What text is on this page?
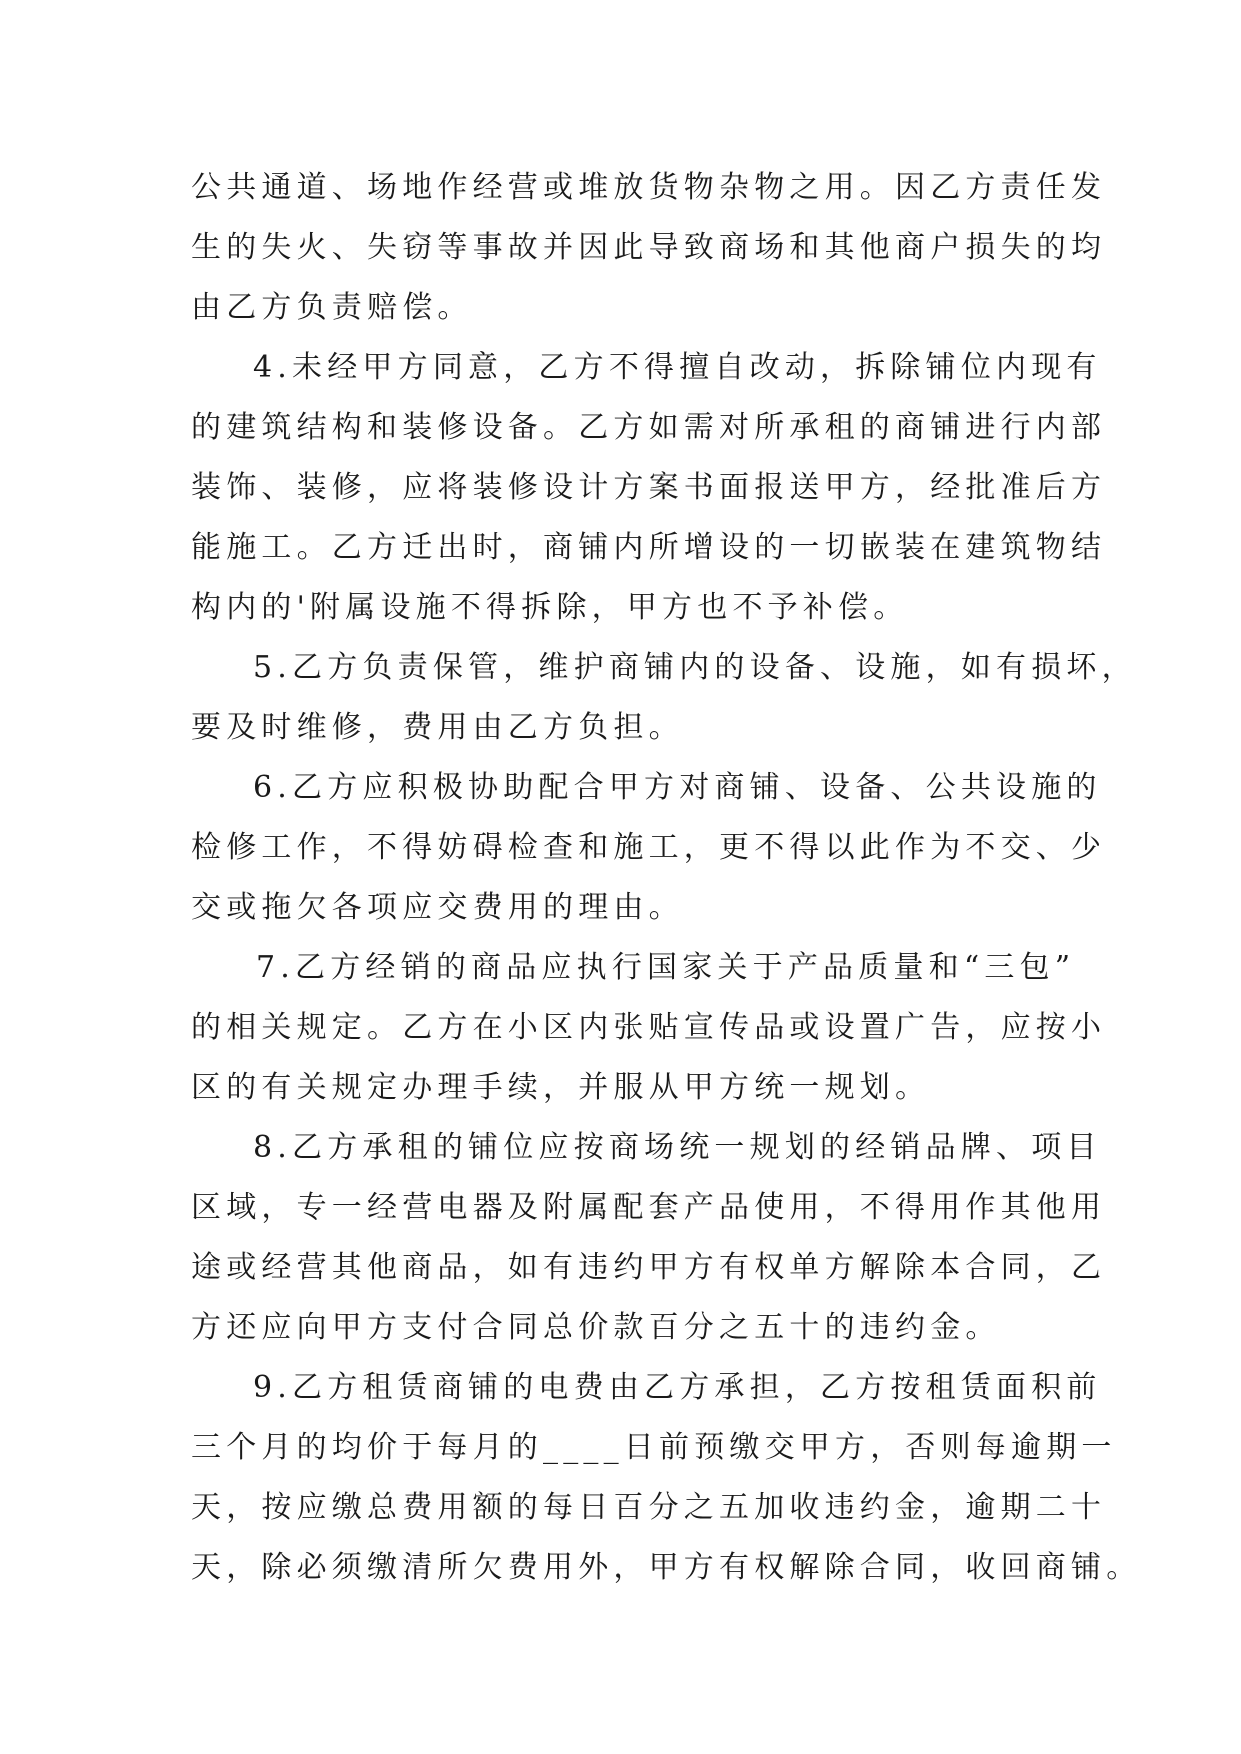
公共通道、场地作经营或堆放货物杂物之用。因乙方责任发
生的失火、失窃等事故并因此导致商场和其他商户损失的均
由乙方负责赔偿。
4.未经甲方同意，乙方不得擅自改动，拆除铺位内现有
的建筑结构和装修设备。乙方如需对所承租的商铺进行内部
装饰、装修，应将装修设计方案书面报送甲方，经批准后方
能施工。乙方迁出时，商铺内所增设的一切嵌装在建筑物结
构内的'附属设施不得拆除，甲方也不予补偿。
5.乙方负责保管，维护商铺内的设备、设施，如有损坏，
要及时维修，费用由乙方负担。
6.乙方应积极协助配合甲方对商铺、设备、公共设施的
检修工作，不得妨碍检查和施工，更不得以此作为不交、少
交或拖欠各项应交费用的理由。
7.乙方经销的商品应执行国家关于产品质量和“三包”
的相关规定。乙方在小区内张贴宣传品或设置广告，应按小
区的有关规定办理手续，并服从甲方统一规划。
8.乙方承租的铺位应按商场统一规划的经销品牌、项目
区域，专一经营电器及附属配套产品使用，不得用作其他用
途或经营其他商品，如有违约甲方有权单方解除本合同，乙
方还应向甲方支付合同总价款百分之五十的违约金。
9.乙方租赁商铺的电费由乙方承担，乙方按租赁面积前
三个月的均价于每月的____日前预缴交甲方，否则每逾期一
天，按应缴总费用额的每日百分之五加收违约金，逾期二十
天，除必须缴清所欠费用外，甲方有权解除合同，收回商铺。
